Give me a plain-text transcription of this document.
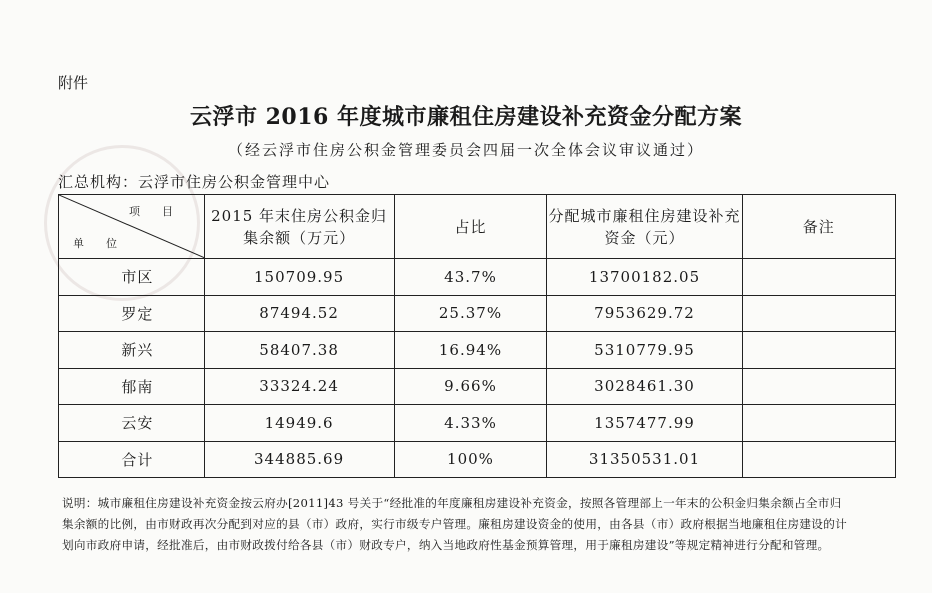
附件
云浮市 2016 年度城市廉租住房建设补充资金分配方案
（经云浮市住房公积金管理委员会四届一次全体会议审议通过）
汇总机构：云浮市住房公积金管理中心
项　　目
单　　位	2015 年末住房公积金归集余额（万元）	占比	分配城市廉租住房建设补充资金（元）	备注
市区	150709.95	43.7%	13700182.05	
罗定	87494.52	25.37%	7953629.72	
新兴	58407.38	16.94%	5310779.95	
郁南	33324.24	9.66%	3028461.30	
云安	14949.6	4.33%	1357477.99	
合计	344885.69	100%	31350531.01	
说明：城市廉租住房建设补充资金按云府办[2011]43 号关于“经批准的年度廉租房建设补充资金，按照各管理部上一年末的公积金归集余额占全市归集余额的比例，由市财政再次分配到对应的县（市）政府，实行市级专户管理。廉租房建设资金的使用，由各县（市）政府根据当地廉租住房建设的计划向市政府申请，经批准后，由市财政拨付给各县（市）财政专户，纳入当地政府性基金预算管理，用于廉租房建设”等规定精神进行分配和管理。
